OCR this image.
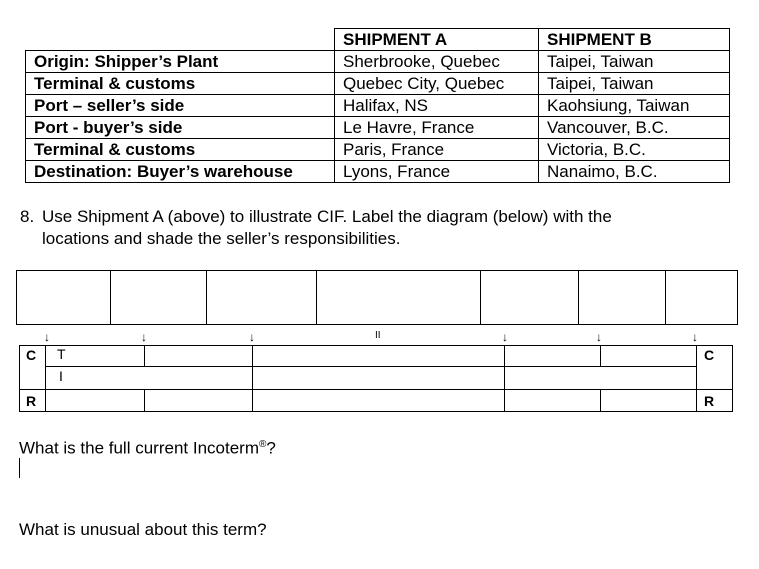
	SHIPMENT A	SHIPMENT B
Origin: Shipper’s Plant	Sherbrooke, Quebec	Taipei, Taiwan
Terminal & customs	Quebec City, Quebec	Taipei, Taiwan
Port – seller’s side	Halifax, NS	Kaohsiung, Taiwan
Port - buyer’s side	Le Havre, France	Vancouver, B.C.
Terminal & customs	Paris, France	Victoria, B.C.
Destination: Buyer’s warehouse	Lyons, France	Nanaimo, B.C.
8. Use Shipment A (above) to illustrate CIF. Label the diagram (below) with the
locations and shade the seller’s responsibilities.
↓	↓	↓	II	↓	↓	↓
C
R
C
R
T
I
What is the full current Incoterm®?
What is unusual about this term?
